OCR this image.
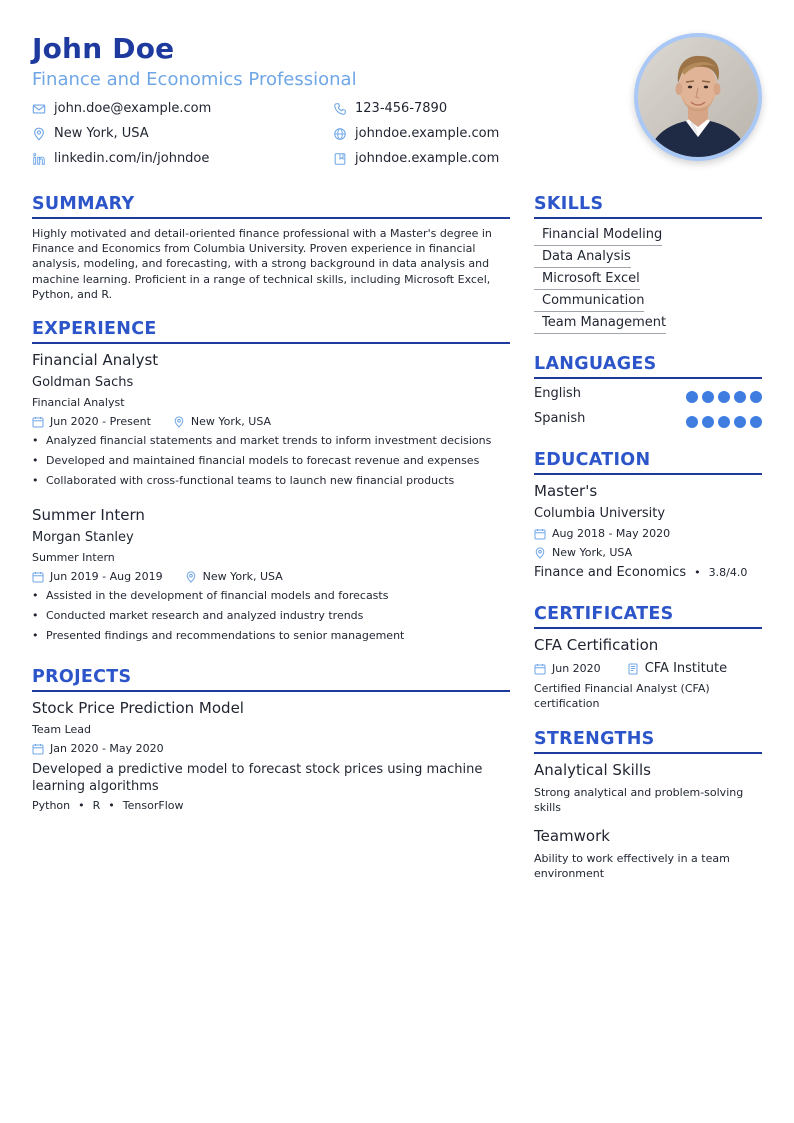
John Doe
Finance and Economics Professional
john.doe@example.com	123-456-7890
New York, USA	johndoe.example.com
linkedin.com/in/johndoe	johndoe.example.com
SUMMARY
Highly motivated and detail-oriented finance professional with a Master's degree in Finance and Economics from Columbia University. Proven experience in financial analysis, modeling, and forecasting, with a strong background in data analysis and machine learning. Proficient in a range of technical skills, including Microsoft Excel, Python, and R.
EXPERIENCE
Financial Analyst
Goldman Sachs
Financial Analyst
Jun 2020 - Present	New York, USA
• Analyzed financial statements and market trends to inform investment decisions
• Developed and maintained financial models to forecast revenue and expenses
• Collaborated with cross-functional teams to launch new financial products
Summer Intern
Morgan Stanley
Summer Intern
Jun 2019 - Aug 2019	New York, USA
• Assisted in the development of financial models and forecasts
• Conducted market research and analyzed industry trends
• Presented findings and recommendations to senior management
PROJECTS
Stock Price Prediction Model
Team Lead
Jan 2020 - May 2020
Developed a predictive model to forecast stock prices using machine learning algorithms
Python • R • TensorFlow
SKILLS
Financial Modeling
Data Analysis
Microsoft Excel
Communication
Team Management
LANGUAGES
English
Spanish
EDUCATION
Master's
Columbia University
Aug 2018 - May 2020
New York, USA
Finance and Economics • 3.8/4.0
CERTIFICATES
CFA Certification
Jun 2020	CFA Institute
Certified Financial Analyst (CFA) certification
STRENGTHS
Analytical Skills
Strong analytical and problem-solving skills
Teamwork
Ability to work effectively in a team environment
